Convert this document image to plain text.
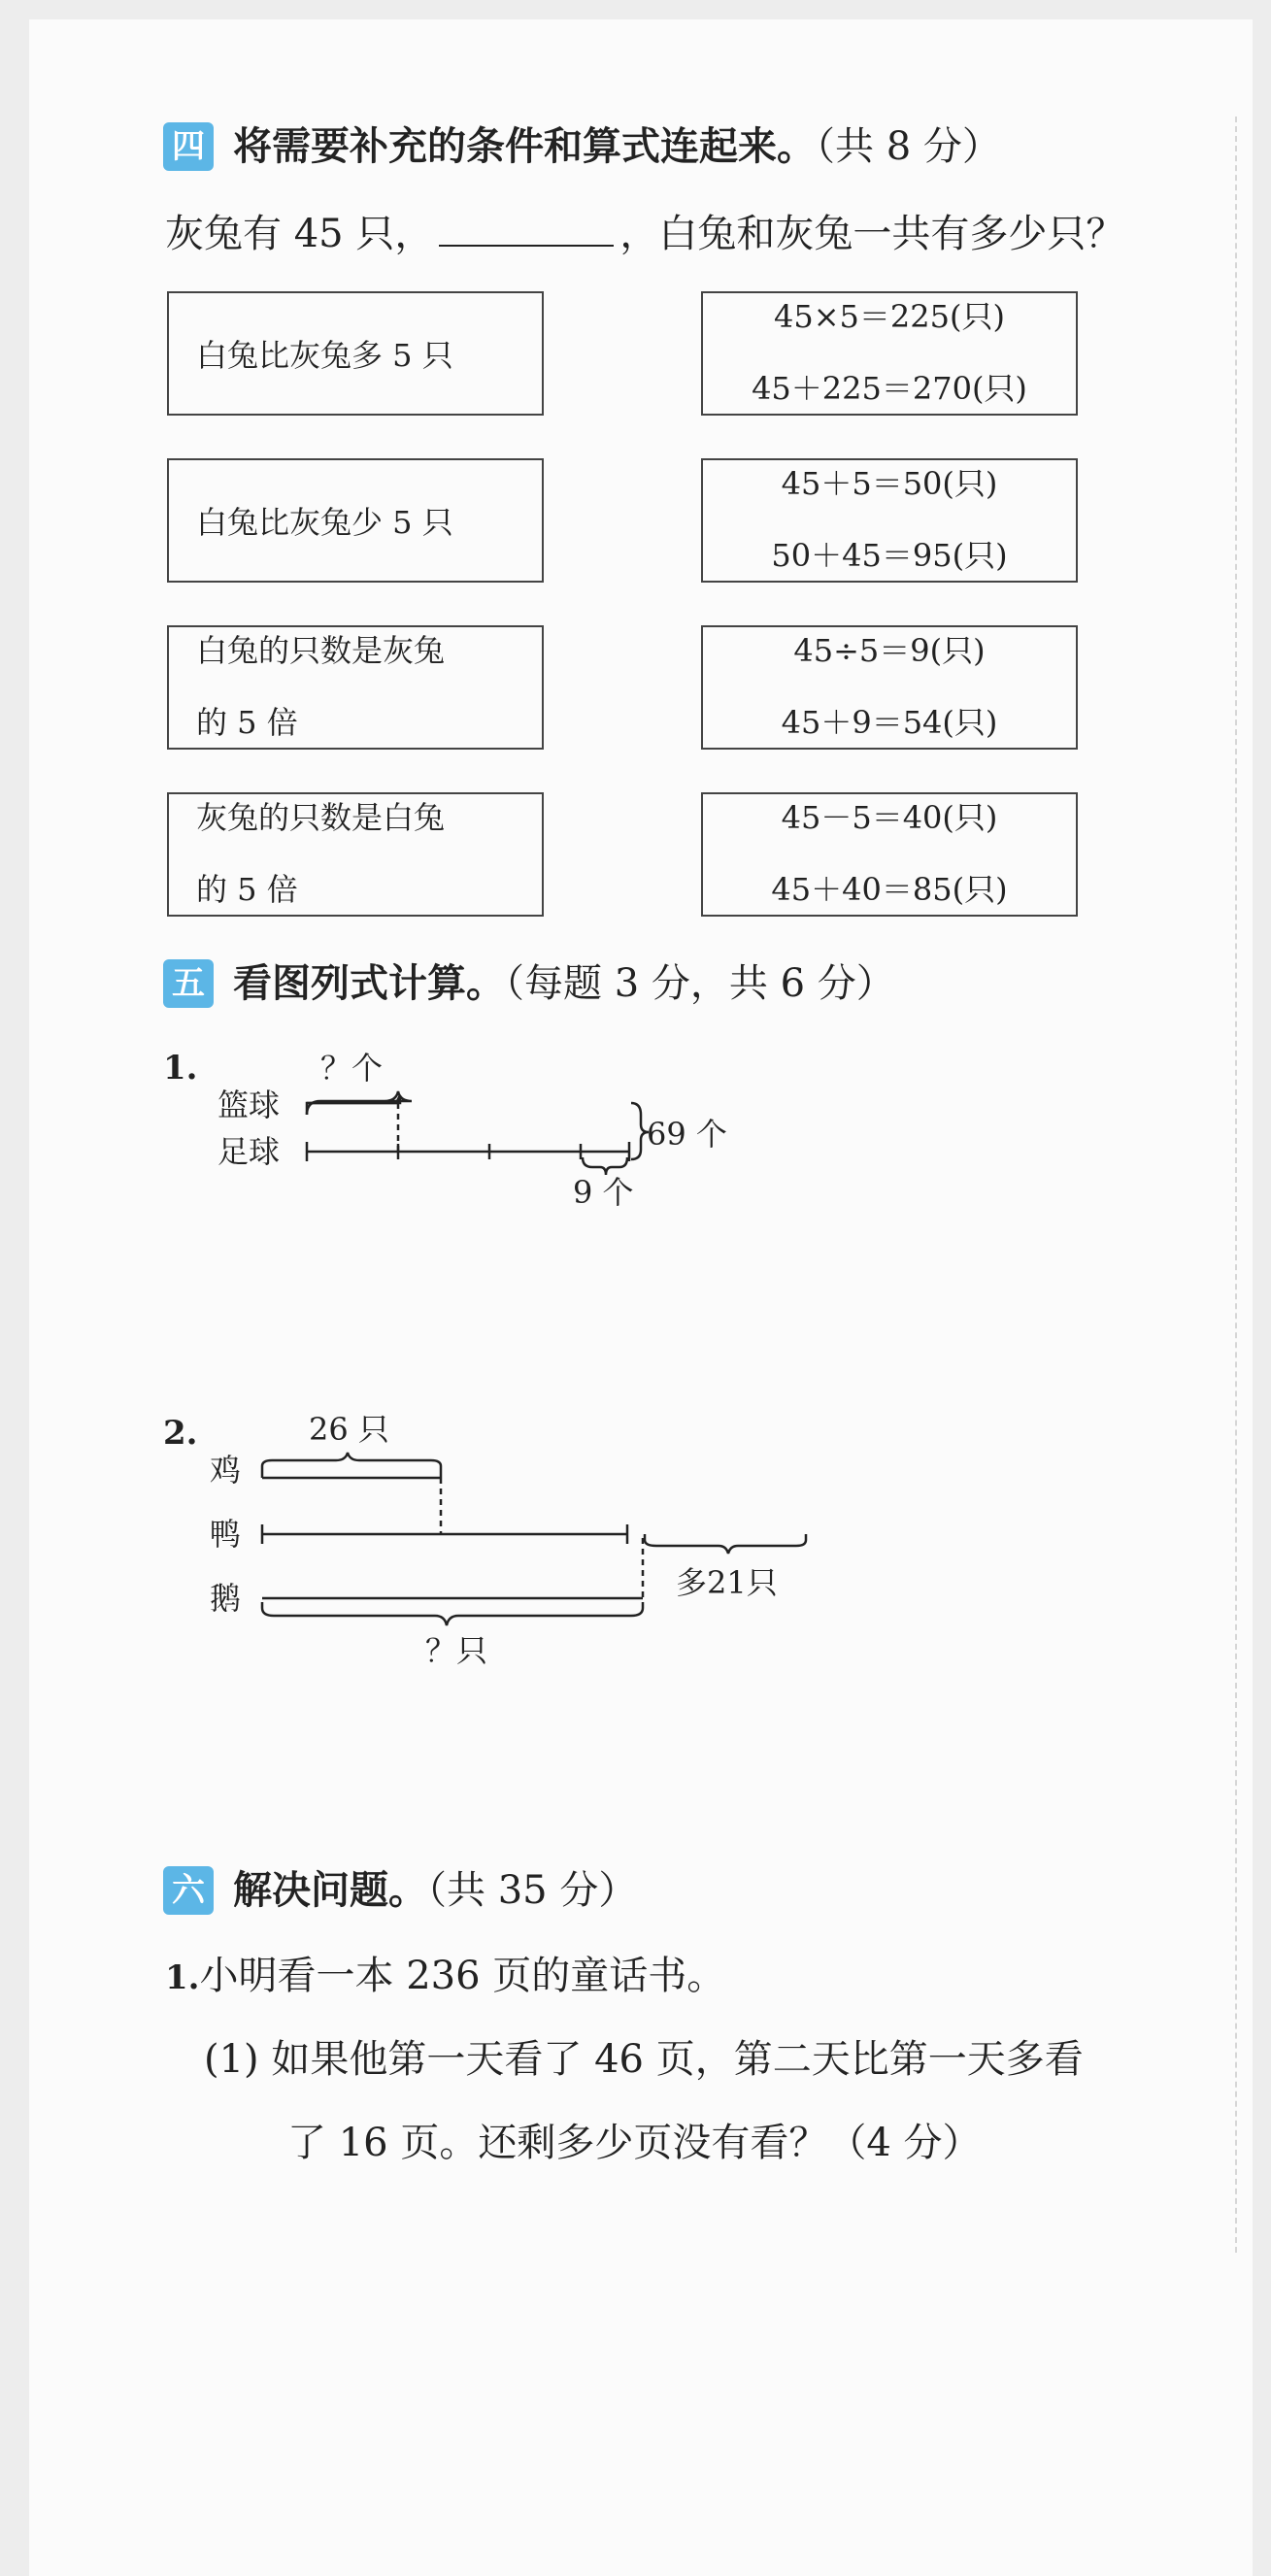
四 将需要补充的条件和算式连起来。（共 8 分）
灰兔有 45 只，	，白兔和灰兔一共有多少只？
白兔比灰兔多 5 只
白兔比灰兔少 5 只
白兔的只数是灰兔
的 5 倍
灰兔的只数是白兔
的 5 倍
45×5＝225(只)
45＋225＝270(只)
45＋5＝50(只)
50＋45＝95(只)
45÷5＝9(只)
45＋9＝54(只)
45－5＝40(只)
45＋40＝85(只)
五 看图列式计算。（每题 3 分，共 6 分）
1.	？个
篮球
足球	69 个
9 个
2.	26 只
鸡
鸭
鹅	多21只
？只
六 解决问题。（共 35 分）
1.小明看一本 236 页的童话书。
(1) 如果他第一天看了 46 页，第二天比第一天多看
了 16 页。还剩多少页没有看？（4 分）
